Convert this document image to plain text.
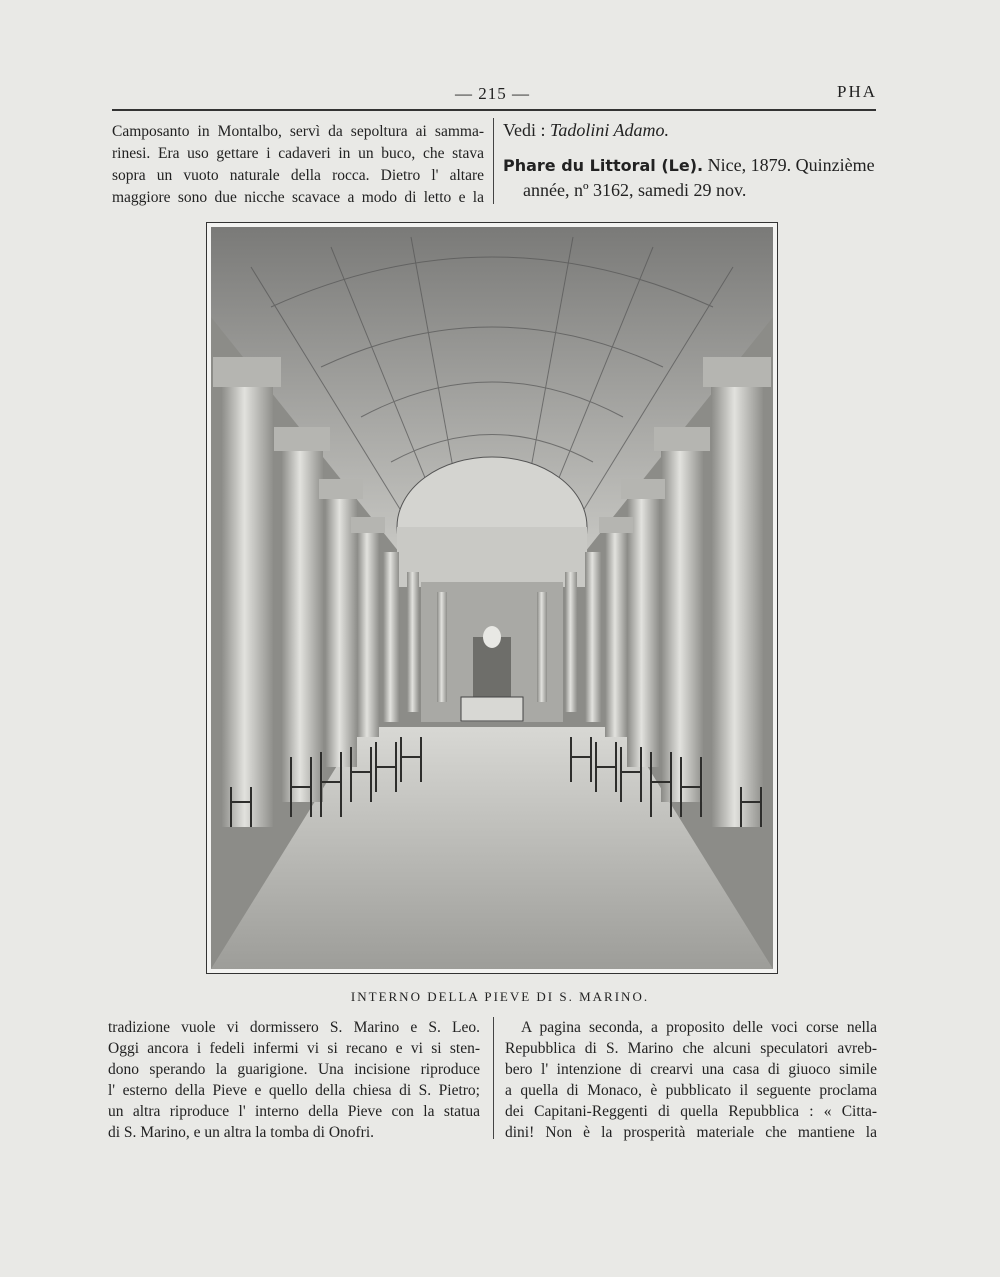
— 215 —	PHA
Camposanto in Montalbo, servì da sepoltura ai samma-
rinesi. Era uso gettare i cadaveri in un buco, che stava
sopra un vuoto naturale della rocca. Dietro l' altare
maggiore sono due nicche scavace a modo di letto e la

Vedi : Tadolini Adamo.

Phare du Littoral (Le). Nice, 1879. Quinzième
année, nº 3162, samedi 29 nov.

INTERNO DELLA PIEVE DI S. MARINO.
tradizione vuole vi dormissero S. Marino e S. Leo.
Oggi ancora i fedeli infermi vi si recano e vi si sten-
dono sperando la guarigione. Una incisione riproduce
l' esterno della Pieve e quello della chiesa di S. Pietro;
un altra riproduce l' interno della Pieve con la statua
di S. Marino, e un altra la tomba di Onofri.
A pagina seconda, a proposito delle voci corse nella
Repubblica di S. Marino che alcuni speculatori avreb-
bero l' intenzione di crearvi una casa di giuoco simile
a quella di Monaco, è pubblicato il seguente proclama
dei Capitani-Reggenti di quella Repubblica : « Citta-
dini! Non è la prosperità materiale che mantiene la
